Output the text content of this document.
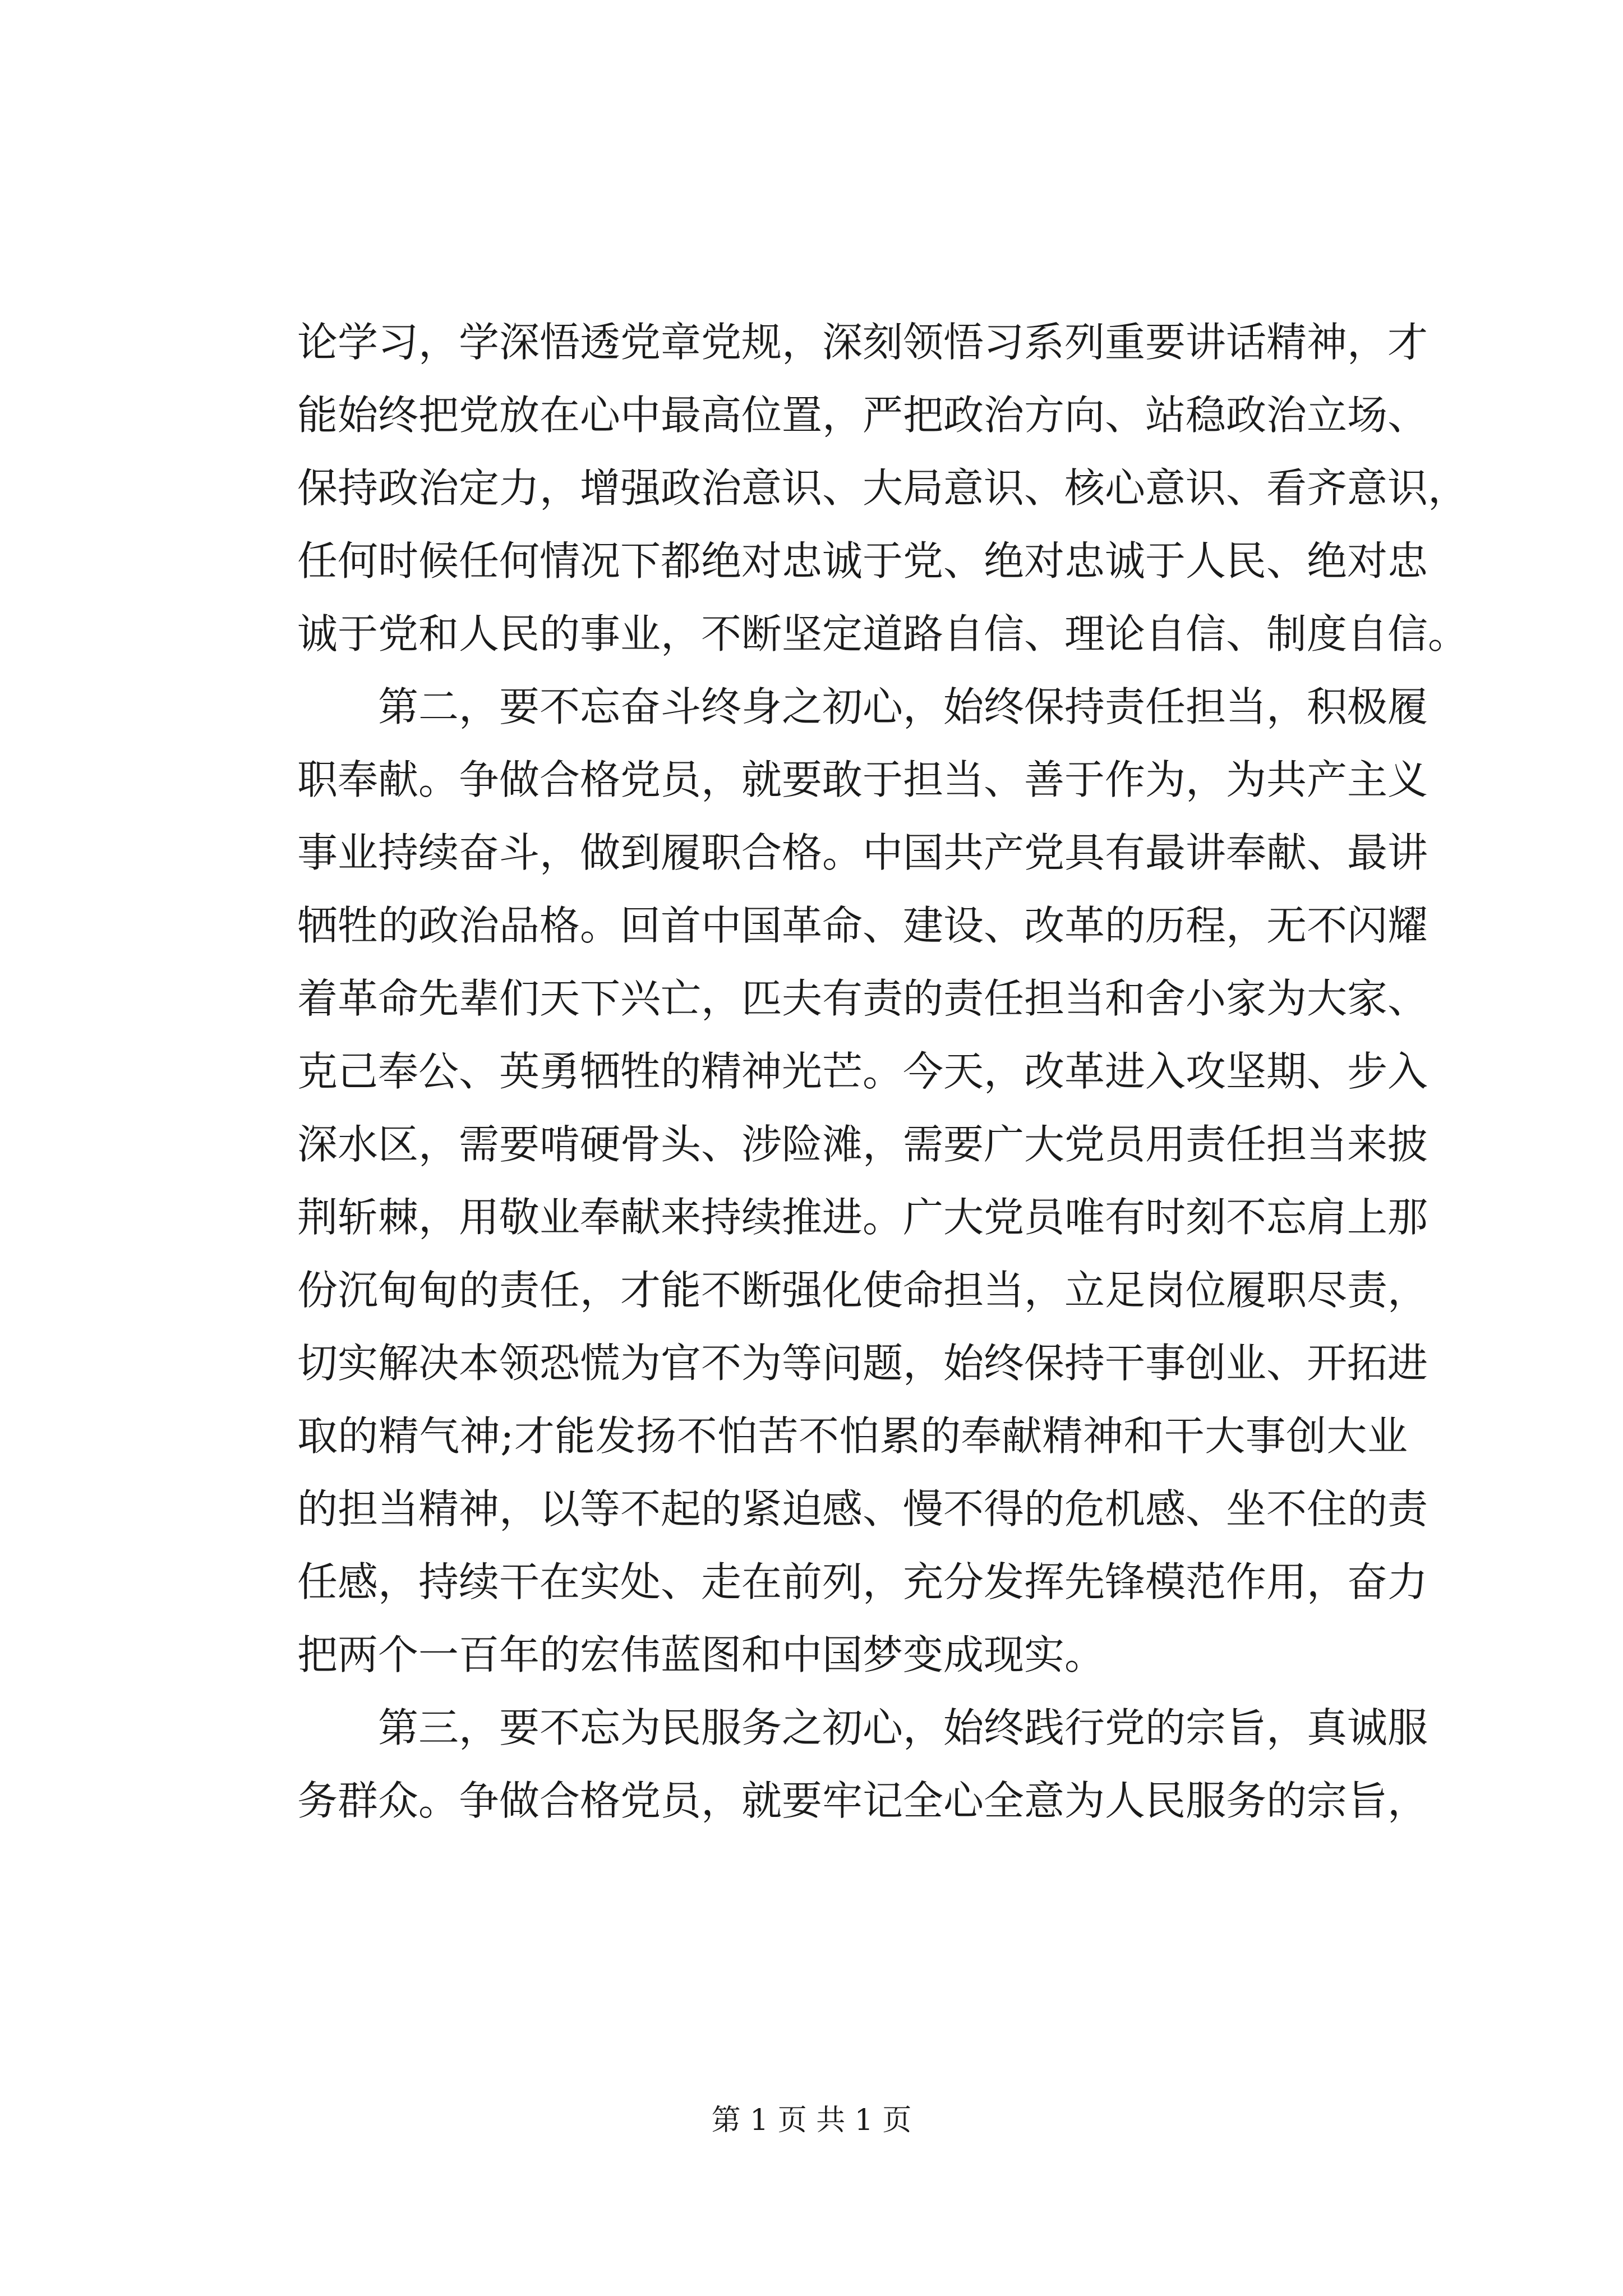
论学习，学深悟透党章党规，深刻领悟习系列重要讲话精神，才
能始终把党放在心中最高位置，严把政治方向、站稳政治立场、
保持政治定力，增强政治意识、大局意识、核心意识、看齐意识，
任何时候任何情况下都绝对忠诚于党、绝对忠诚于人民、绝对忠
诚于党和人民的事业，不断坚定道路自信、理论自信、制度自信。
第二，要不忘奋斗终身之初心，始终保持责任担当，积极履
职奉献。争做合格党员，就要敢于担当、善于作为，为共产主义
事业持续奋斗，做到履职合格。中国共产党具有最讲奉献、最讲
牺牲的政治品格。回首中国革命、建设、改革的历程，无不闪耀
着革命先辈们天下兴亡，匹夫有责的责任担当和舍小家为大家、
克己奉公、英勇牺牲的精神光芒。今天，改革进入攻坚期、步入
深水区，需要啃硬骨头、涉险滩，需要广大党员用责任担当来披
荆斩棘，用敬业奉献来持续推进。广大党员唯有时刻不忘肩上那
份沉甸甸的责任，才能不断强化使命担当，立足岗位履职尽责，
切实解决本领恐慌为官不为等问题，始终保持干事创业、开拓进
取的精气神;才能发扬不怕苦不怕累的奉献精神和干大事创大业
的担当精神，以等不起的紧迫感、慢不得的危机感、坐不住的责
任感，持续干在实处、走在前列，充分发挥先锋模范作用，奋力
把两个一百年的宏伟蓝图和中国梦变成现实。
第三，要不忘为民服务之初心，始终践行党的宗旨，真诚服
务群众。争做合格党员，就要牢记全心全意为人民服务的宗旨，
第 1 页 共 1 页
